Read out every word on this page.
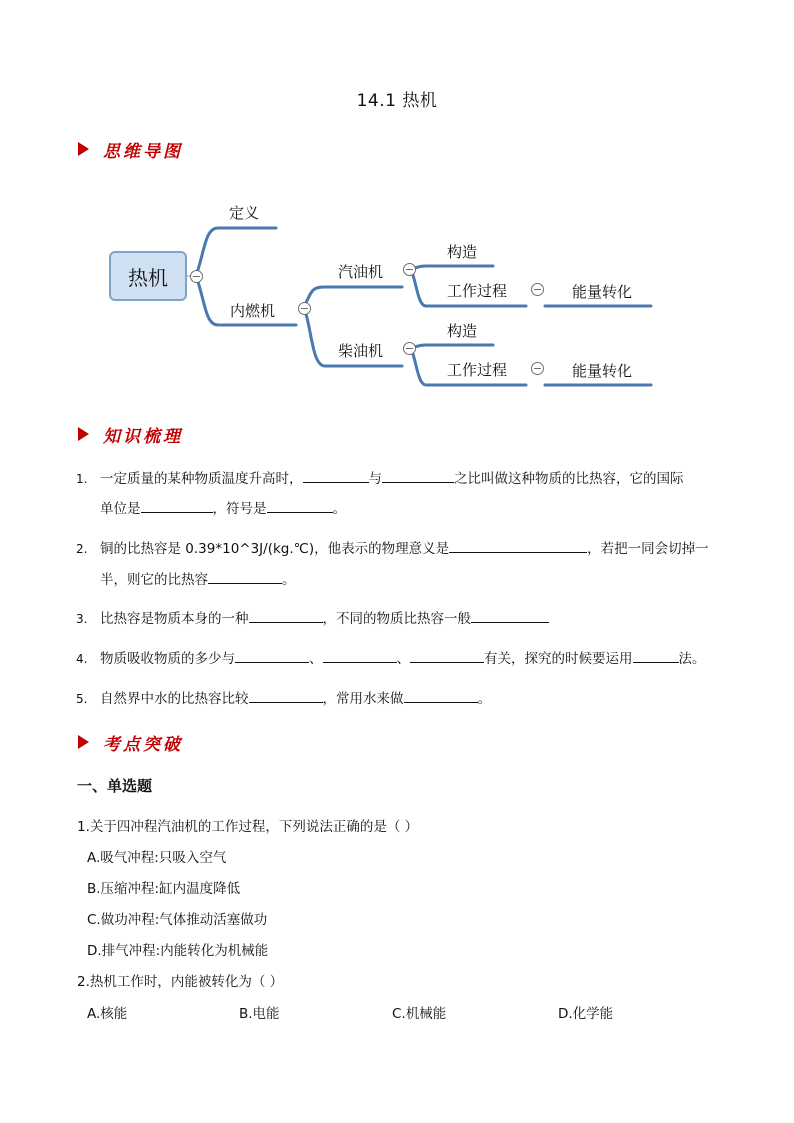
14.1 热机
思维导图
热机
定义
内燃机
汽油机
柴油机
构造
工作过程	能量转化
构造
工作过程	能量转化
知识梳理
1. 一定质量的某种物质温度升高时，	与	之比叫做这种物质的比热容，它的国际
单位是	，符号是	。
2. 铜的比热容是 0.39*10^3J/(kg.℃)，他表示的物理意义是	，若把一同会切掉一
半，则它的比热容	。
3. 比热容是物质本身的一种	，不同的物质比热容一般
4. 物质吸收物质的多少与	、	、	有关，探究的时候要运用	法。
5. 自然界中水的比热容比较	，常用水来做	。
考点突破
一、单选题
1.关于四冲程汽油机的工作过程，下列说法正确的是（ ）
A.吸气冲程:只吸入空气
B.压缩冲程:缸内温度降低
C.做功冲程:气体推动活塞做功
D.排气冲程:内能转化为机械能
2.热机工作时，内能被转化为（ ）
A.核能	B.电能	C.机械能	D.化学能
